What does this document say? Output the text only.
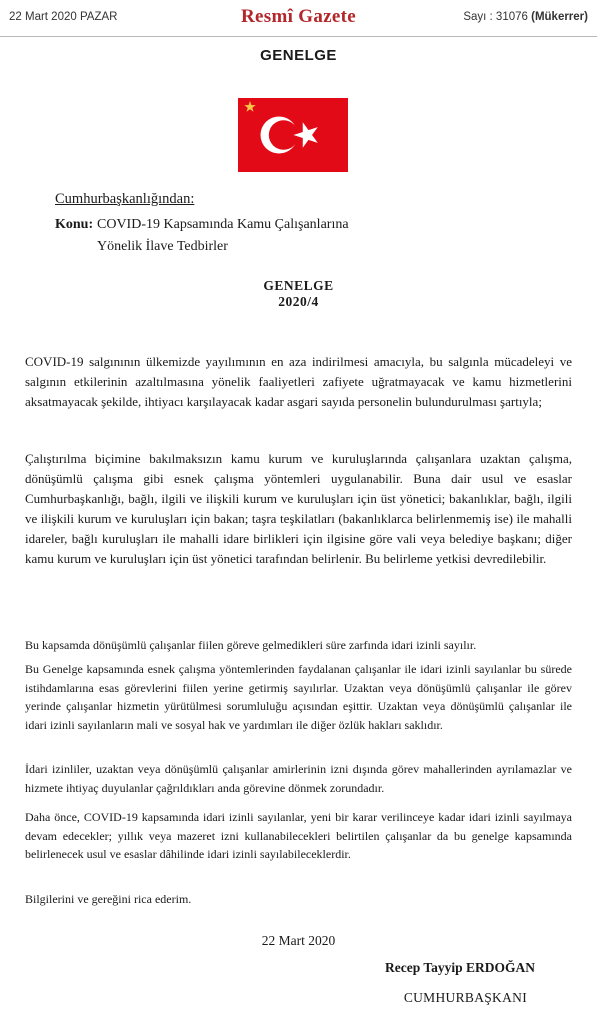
22 Mart 2020 PAZAR	Resmî Gazete	Sayı : 31076 (Mükerrer)
GENELGE
Cumhurbaşkanlığından:
Konu: COVID-19 Kapsamında Kamu Çalışanlarına
Yönelik İlave Tedbirler
GENELGE
2020/4

COVID-19 salgınının ülkemizde yayılımının en aza indirilmesi amacıyla, bu salgınla mücadeleyi ve salgının etkilerinin azaltılmasına yönelik faaliyetleri zafiyete uğratmayacak ve kamu hizmetlerini aksatmayacak şekilde, ihtiyacı karşılayacak kadar asgari sayıda personelin bulundurulması şartıyla;

Çalıştırılma biçimine bakılmaksızın kamu kurum ve kuruluşlarında çalışanlara uzaktan çalışma, dönüşümlü çalışma gibi esnek çalışma yöntemleri uygulanabilir. Buna dair usul ve esaslar Cumhurbaşkanlığı, bağlı, ilgili ve ilişkili kurum ve kuruluşları için üst yönetici; bakanlıklar, bağlı, ilgili ve ilişkili kurum ve kuruluşları için bakan; taşra teşkilatları (bakanlıklarca belirlenmemiş ise) ile mahalli idareler, bağlı kuruluşları ile mahalli idare birlikleri için ilgisine göre vali veya belediye başkanı; diğer kamu kurum ve kuruluşları için üst yönetici tarafından belirlenir. Bu belirleme yetkisi devredilebilir.

Bu kapsamda dönüşümlü çalışanlar fiilen göreve gelmedikleri süre zarfında idari izinli sayılır.

Bu Genelge kapsamında esnek çalışma yöntemlerinden faydalanan çalışanlar ile idari izinli sayılanlar bu sürede istihdamlarına esas görevlerini fiilen yerine getirmiş sayılırlar. Uzaktan veya dönüşümlü çalışanlar ile görev yerinde çalışanlar hizmetin yürütülmesi sorumluluğu açısından eşittir. Uzaktan veya dönüşümlü çalışanlar ile idari izinli sayılanların mali ve sosyal hak ve yardımları ile diğer özlük hakları saklıdır.

İdari izinliler, uzaktan veya dönüşümlü çalışanlar amirlerinin izni dışında görev mahallerinden ayrılamazlar ve hizmete ihtiyaç duyulanlar çağrıldıkları anda görevine dönmek zorundadır.

Daha önce, COVID-19 kapsamında idari izinli sayılanlar, yeni bir karar verilinceye kadar idari izinli sayılmaya devam edecekler; yıllık veya mazeret izni kullanabilecekleri belirtilen çalışanlar da bu genelge kapsamında belirlenecek usul ve esaslar dâhilinde idari izinli sayılabileceklerdir.

Bilgilerini ve gereğini rica ederim.

22 Mart 2020
Recep Tayyip ERDOĞAN
CUMHURBAŞKANI
